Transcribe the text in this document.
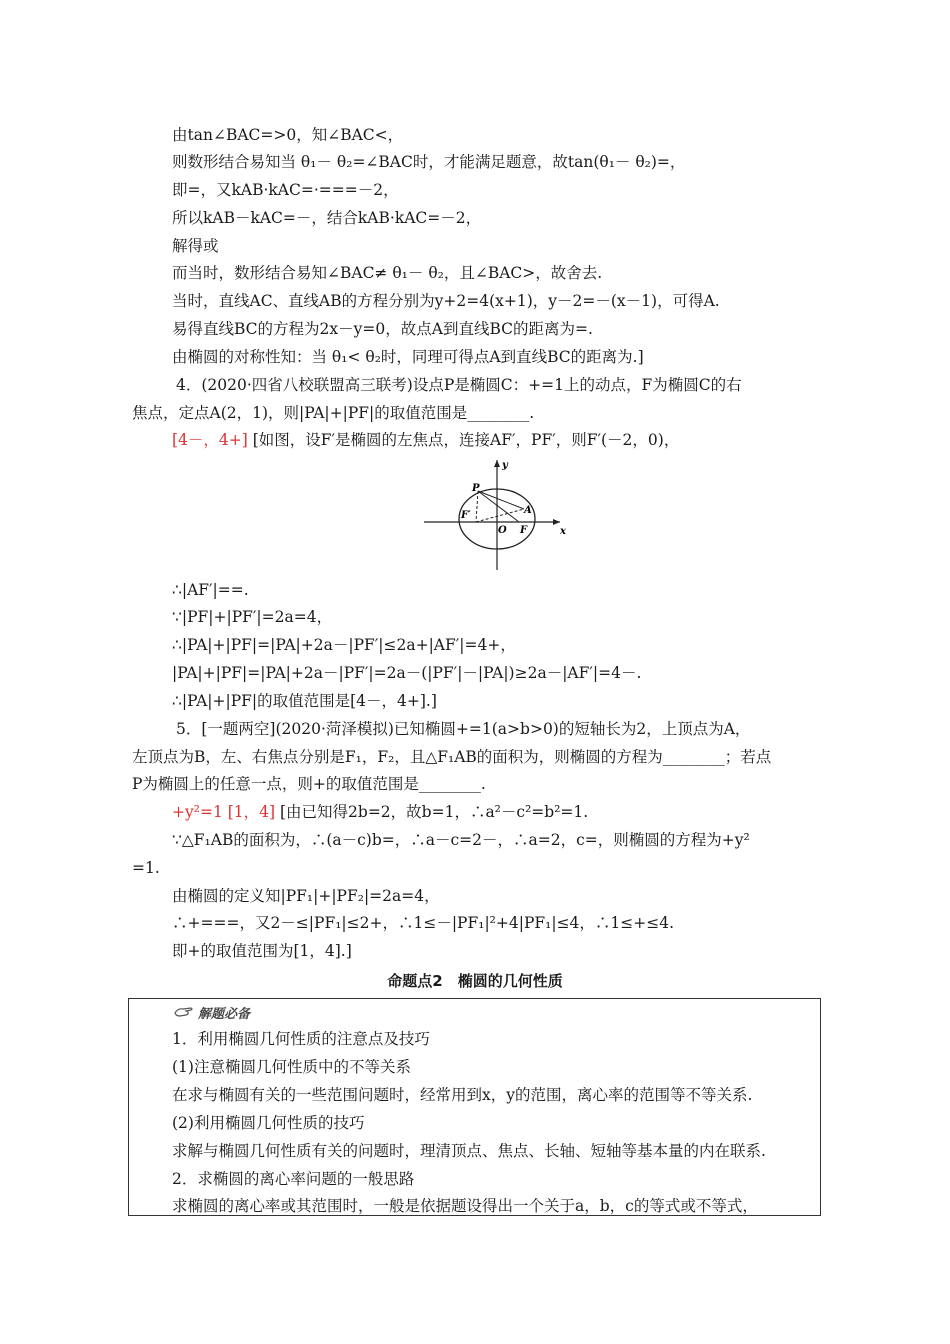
由tan∠BAC=>0，知∠BAC<，
则数形结合易知当 θ₁－ θ₂=∠BAC时，才能满足题意，故tan(θ₁－ θ₂)=，
即=，又kAB·kAC=·===－2，
所以kAB－kAC=－，结合kAB·kAC=－2，
解得或
而当时，数形结合易知∠BAC≠ θ₁－ θ₂，且∠BAC>，故舍去.
当时，直线AC、直线AB的方程分别为y+2=4(x+1)，y－2=－(x－1)，可得A.
易得直线BC的方程为2x－y=0，故点A到直线BC的距离为=.
由椭圆的对称性知：当 θ₁< θ₂时，同理可得点A到直线BC的距离为.]
4．(2020·四省八校联盟高三联考)设点P是椭圆C：+=1上的动点，F为椭圆C的右
焦点，定点A(2，1)，则|PA|+|PF|的取值范围是________.
[4－，4+] [如图，设F′是椭圆的左焦点，连接AF′，PF′，则F′(－2，0)，
y
x
P
A
F′
O F
∴|AF′|==.
∵|PF|+|PF′|=2a=4，
∴|PA|+|PF|=|PA|+2a－|PF′|≤2a+|AF′|=4+，
|PA|+|PF|=|PA|+2a－|PF′|=2a－(|PF′|－|PA|)≥2a－|AF′|=4－.
∴|PA|+|PF|的取值范围是[4－，4+].]
5．[一题两空](2020·菏泽模拟)已知椭圆+=1(a>b>0)的短轴长为2，上顶点为A，
左顶点为B，左、右焦点分别是F₁，F₂，且△F₁AB的面积为，则椭圆的方程为________；若点
P为椭圆上的任意一点，则+的取值范围是________.
+y²=1 [1，4] [由已知得2b=2，故b=1，∴a²－c²=b²=1.
∵△F₁AB的面积为，∴(a－c)b=，∴a－c=2－，∴a=2，c=，则椭圆的方程为+y²
=1.
由椭圆的定义知|PF₁|+|PF₂|=2a=4，
∴+===，又2－≤|PF₁|≤2+，∴1≤－|PF₁|²+4|PF₁|≤4，∴1≤+≤4.
即+的取值范围为[1，4].]
命题点2　椭圆的几何性质
解题必备
1．利用椭圆几何性质的注意点及技巧
(1)注意椭圆几何性质中的不等关系
在求与椭圆有关的一些范围问题时，经常用到x，y的范围，离心率的范围等不等关系.
(2)利用椭圆几何性质的技巧
求解与椭圆几何性质有关的问题时，理清顶点、焦点、长轴、短轴等基本量的内在联系.
2．求椭圆的离心率问题的一般思路
求椭圆的离心率或其范围时，一般是依据题设得出一个关于a，b，c的等式或不等式，
